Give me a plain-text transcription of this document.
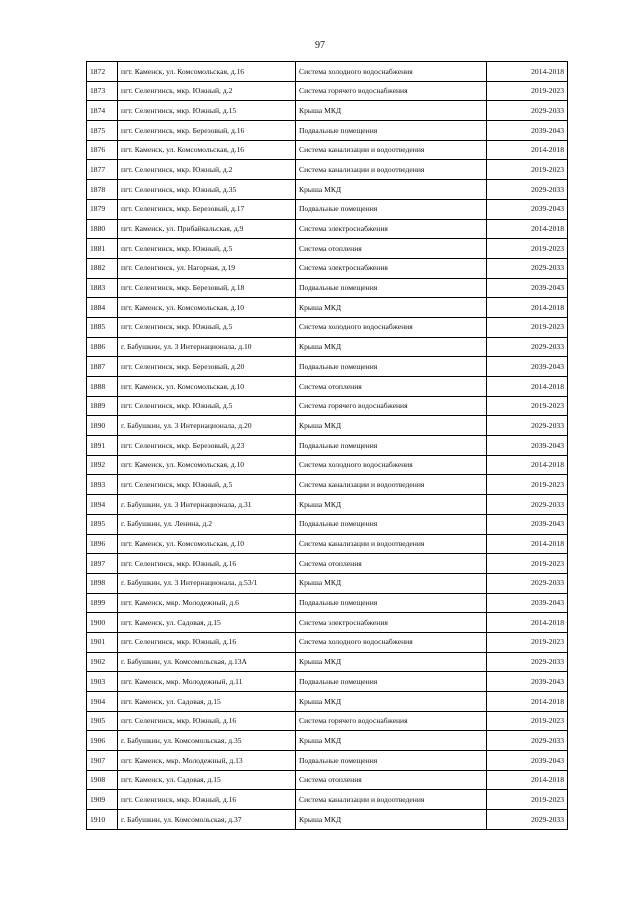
97
1872	пгт. Каменск, ул. Комсомольская, д.16	Система холодного водоснабжения	2014-2018
1873	пгт. Селенгинск, мкр. Южный, д.2	Система горячего водоснабжения	2019-2023
1874	пгт. Селенгинск, мкр. Южный, д.15	Крыша МКД	2029-2033
1875	пгт. Селенгинск, мкр. Березовый, д.16	Подвальные помещения	2039-2043
1876	пгт. Каменск, ул. Комсомольская, д.16	Система канализации и водоотведения	2014-2018
1877	пгт. Селенгинск, мкр. Южный, д.2	Система канализации и водоотведения	2019-2023
1878	пгт. Селенгинск, мкр. Южный, д.35	Крыша МКД	2029-2033
1879	пгт. Селенгинск, мкр. Березовый, д.17	Подвальные помещения	2039-2043
1880	пгт. Каменск, ул. Прибайкальская, д.9	Система электроснабжения	2014-2018
1881	пгт. Селенгинск, мкр. Южный, д.5	Система отопления	2019-2023
1882	пгт. Селенгинск, ул. Нагорная, д.19	Система электроснабжения	2029-2033
1883	пгт. Селенгинск, мкр. Березовый, д.18	Подвальные помещения	2039-2043
1884	пгт. Каменск, ул. Комсомольская, д.10	Крыша МКД	2014-2018
1885	пгт. Селенгинск, мкр. Южный, д.5	Система холодного водоснабжения	2019-2023
1886	г. Бабушкин, ул. 3 Интернационала, д.10	Крыша МКД	2029-2033
1887	пгт. Селенгинск, мкр. Березовый, д.20	Подвальные помещения	2039-2043
1888	пгт. Каменск, ул. Комсомольская, д.10	Система отопления	2014-2018
1889	пгт. Селенгинск, мкр. Южный, д.5	Система горячего водоснабжения	2019-2023
1890	г. Бабушкин, ул. 3 Интернационала, д.20	Крыша МКД	2029-2033
1891	пгт. Селенгинск, мкр. Березовый, д.23	Подвальные помещения	2039-2043
1892	пгт. Каменск, ул. Комсомольская, д.10	Система холодного водоснабжения	2014-2018
1893	пгт. Селенгинск, мкр. Южный, д.5	Система канализации и водоотведения	2019-2023
1894	г. Бабушкин, ул. 3 Интернационала, д.31	Крыша МКД	2029-2033
1895	г. Бабушкин, ул. Ленина, д.2	Подвальные помещения	2039-2043
1896	пгт. Каменск, ул. Комсомольская, д.10	Система канализации и водоотведения	2014-2018
1897	пгт. Селенгинск, мкр. Южный, д.16	Система отопления	2019-2023
1898	г. Бабушкин, ул. 3 Интернационала, д.53/1	Крыша МКД	2029-2033
1899	пгт. Каменск, мкр. Молодежный, д.6	Подвальные помещения	2039-2043
1900	пгт. Каменск, ул. Садовая, д.15	Система электроснабжения	2014-2018
1901	пгт. Селенгинск, мкр. Южный, д.16	Система холодного водоснабжения	2019-2023
1902	г. Бабушкин, ул. Комсомольская, д.13А	Крыша МКД	2029-2033
1903	пгт. Каменск, мкр. Молодежный, д.11	Подвальные помещения	2039-2043
1904	пгт. Каменск, ул. Садовая, д.15	Крыша МКД	2014-2018
1905	пгт. Селенгинск, мкр. Южный, д.16	Система горячего водоснабжения	2019-2023
1906	г. Бабушкин, ул. Комсомольская, д.35	Крыша МКД	2029-2033
1907	пгт. Каменск, мкр. Молодежный, д.13	Подвальные помещения	2039-2043
1908	пгт. Каменск, ул. Садовая, д.15	Система отопления	2014-2018
1909	пгт. Селенгинск, мкр. Южный, д.16	Система канализации и водоотведения	2019-2023
1910	г. Бабушкин, ул. Комсомольская, д.37	Крыша МКД	2029-2033
